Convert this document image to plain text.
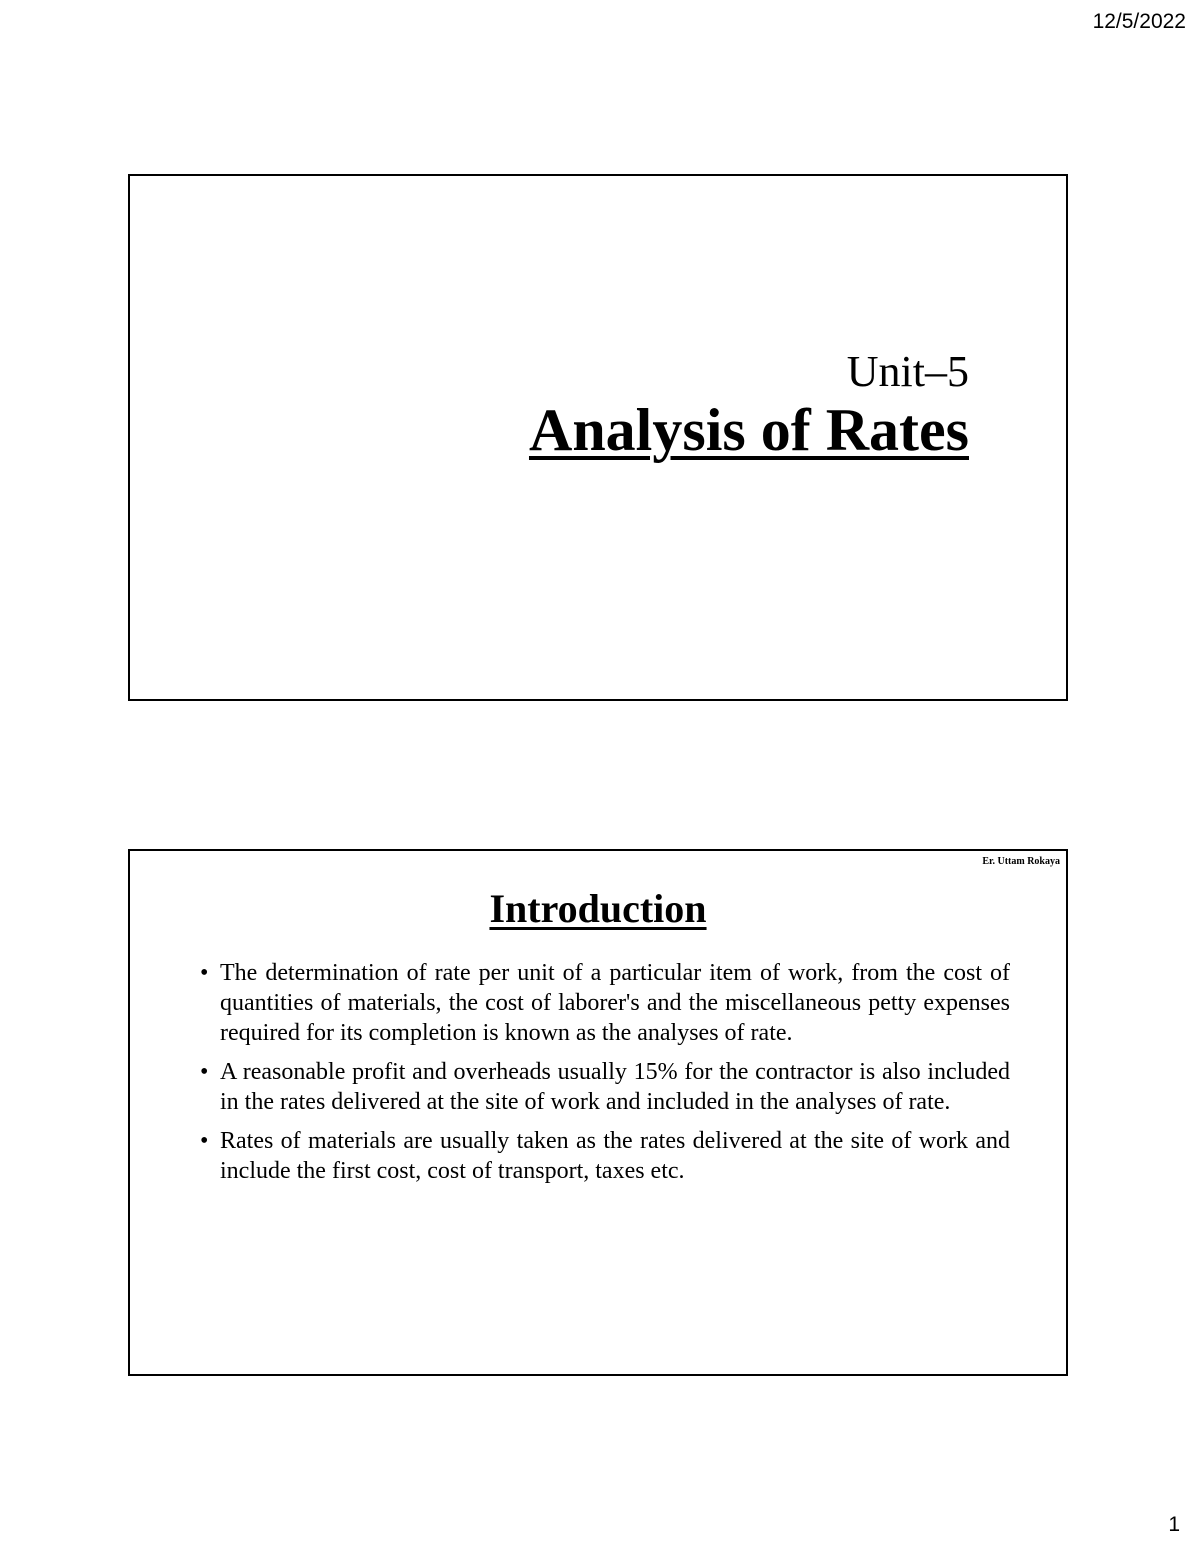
12/5/2022
Unit–5
Analysis of Rates
Er. Uttam Rokaya
Introduction
• The determination of rate per unit of a particular item of work, from the cost of quantities of materials, the cost of laborer's and the miscellaneous petty expenses required for its completion is known as the analyses of rate.
• A reasonable profit and overheads usually 15% for the contractor is also included in the rates delivered at the site of work and included in the analyses of rate.
• Rates of materials are usually taken as the rates delivered at the site of work and include the first cost, cost of transport, taxes etc.
1
